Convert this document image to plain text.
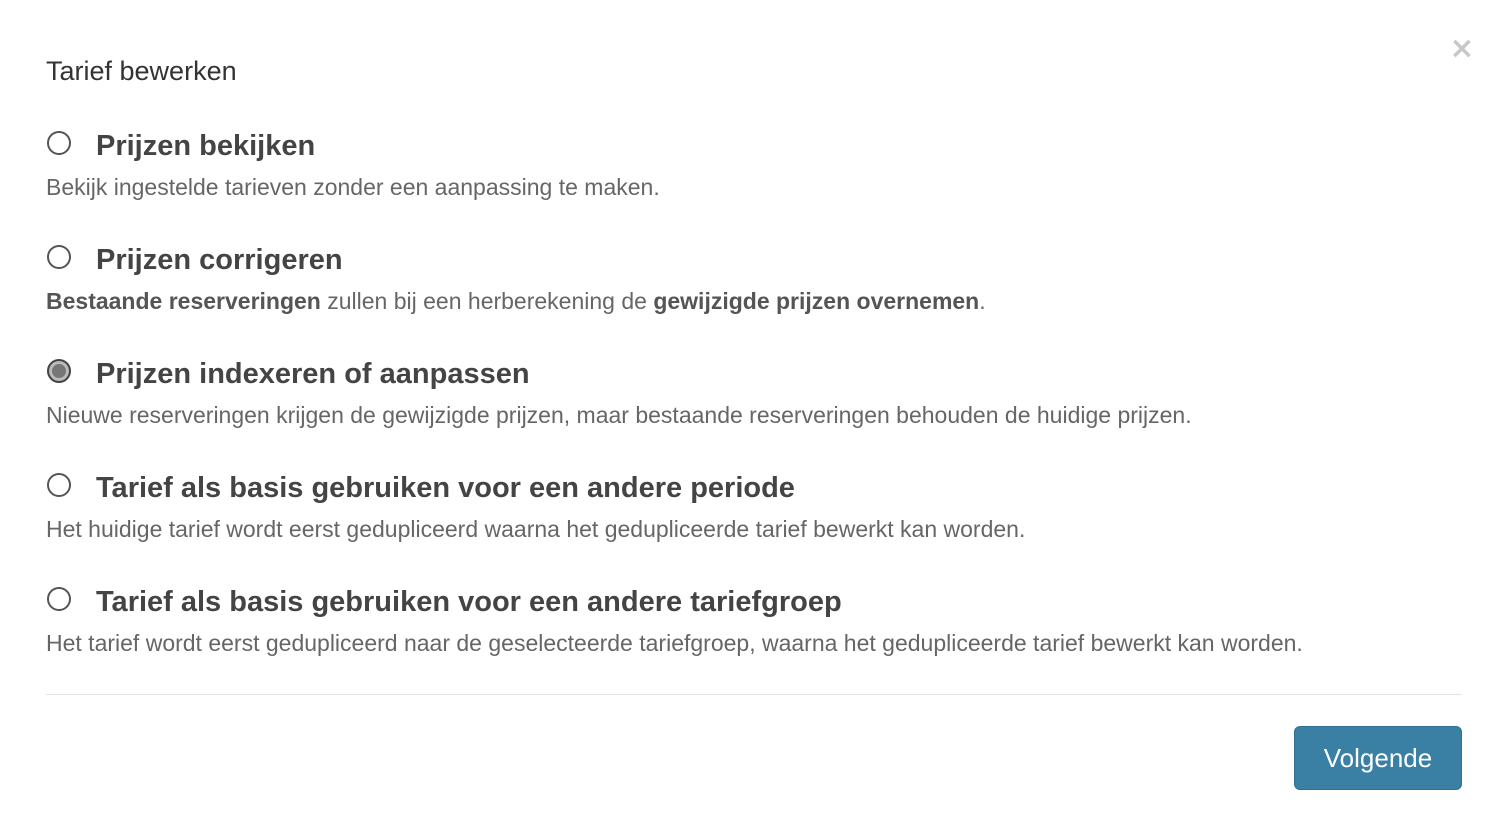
Tarief bewerken
×
Prijzen bekijken
Bekijk ingestelde tarieven zonder een aanpassing te maken.
Prijzen corrigeren
Bestaande reserveringen zullen bij een herberekening de gewijzigde prijzen overnemen.
Prijzen indexeren of aanpassen
Nieuwe reserveringen krijgen de gewijzigde prijzen, maar bestaande reserveringen behouden de huidige prijzen.
Tarief als basis gebruiken voor een andere periode
Het huidige tarief wordt eerst gedupliceerd waarna het gedupliceerde tarief bewerkt kan worden.
Tarief als basis gebruiken voor een andere tariefgroep
Het tarief wordt eerst gedupliceerd naar de geselecteerde tariefgroep, waarna het gedupliceerde tarief bewerkt kan worden.
Volgende
